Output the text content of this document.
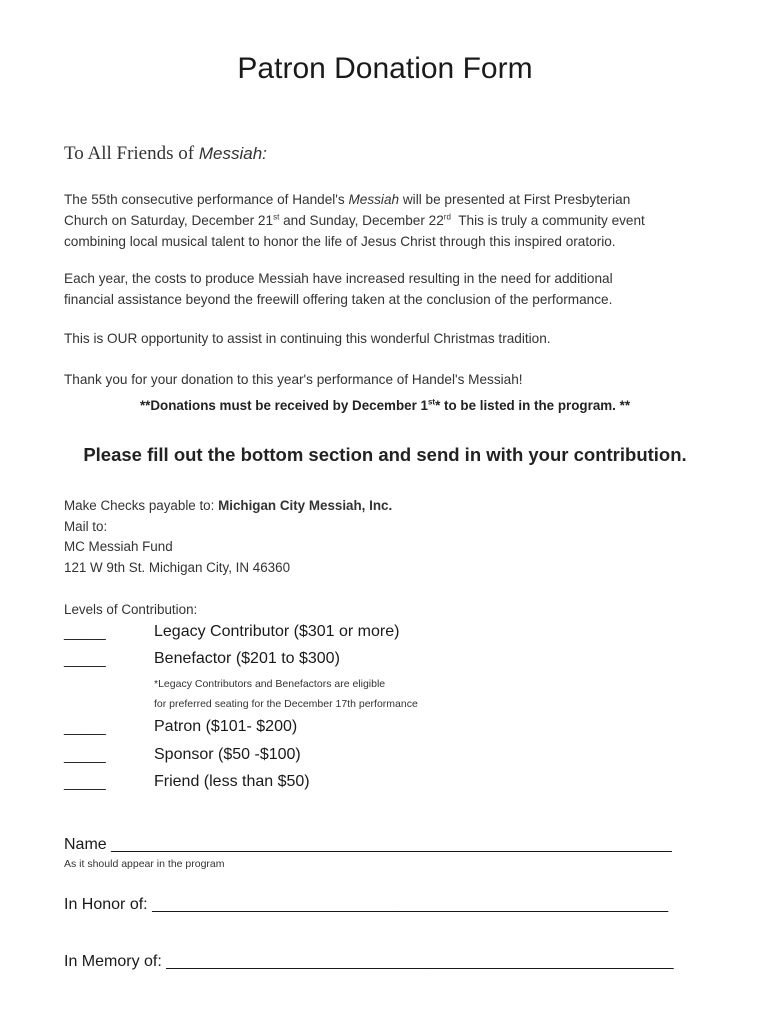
Patron Donation Form
To All Friends of Messiah:
The 55th consecutive performance of Handel's Messiah will be presented at First Presbyterian
Church on Saturday, December 21st and Sunday, December 22rd  This is truly a community event
combining local musical talent to honor the life of Jesus Christ through this inspired oratorio.
Each year, the costs to produce Messiah have increased resulting in the need for additional
financial assistance beyond the freewill offering taken at the conclusion of the performance.
This is OUR opportunity to assist in continuing this wonderful Christmas tradition.
Thank you for your donation to this year's performance of Handel's Messiah!
**Donations must be received by December 1st* to be listed in the program. **
Please fill out the bottom section and send in with your contribution.
Make Checks payable to: Michigan City Messiah, Inc.
Mail to:
MC Messiah Fund
121 W 9th St. Michigan City, IN 46360
Levels of Contribution:
_____	Legacy Contributor ($301 or more)
_____	Benefactor ($201 to $300)
*Legacy Contributors and Benefactors are eligible
for preferred seating for the December 17th performance
_____	Patron ($101- $200)
_____	Sponsor ($50 -$100)
_____	Friend (less than $50)
Name _______________________________________________________________
As it should appear in the program
In Honor of: __________________________________________________________
In Memory of: _________________________________________________________
